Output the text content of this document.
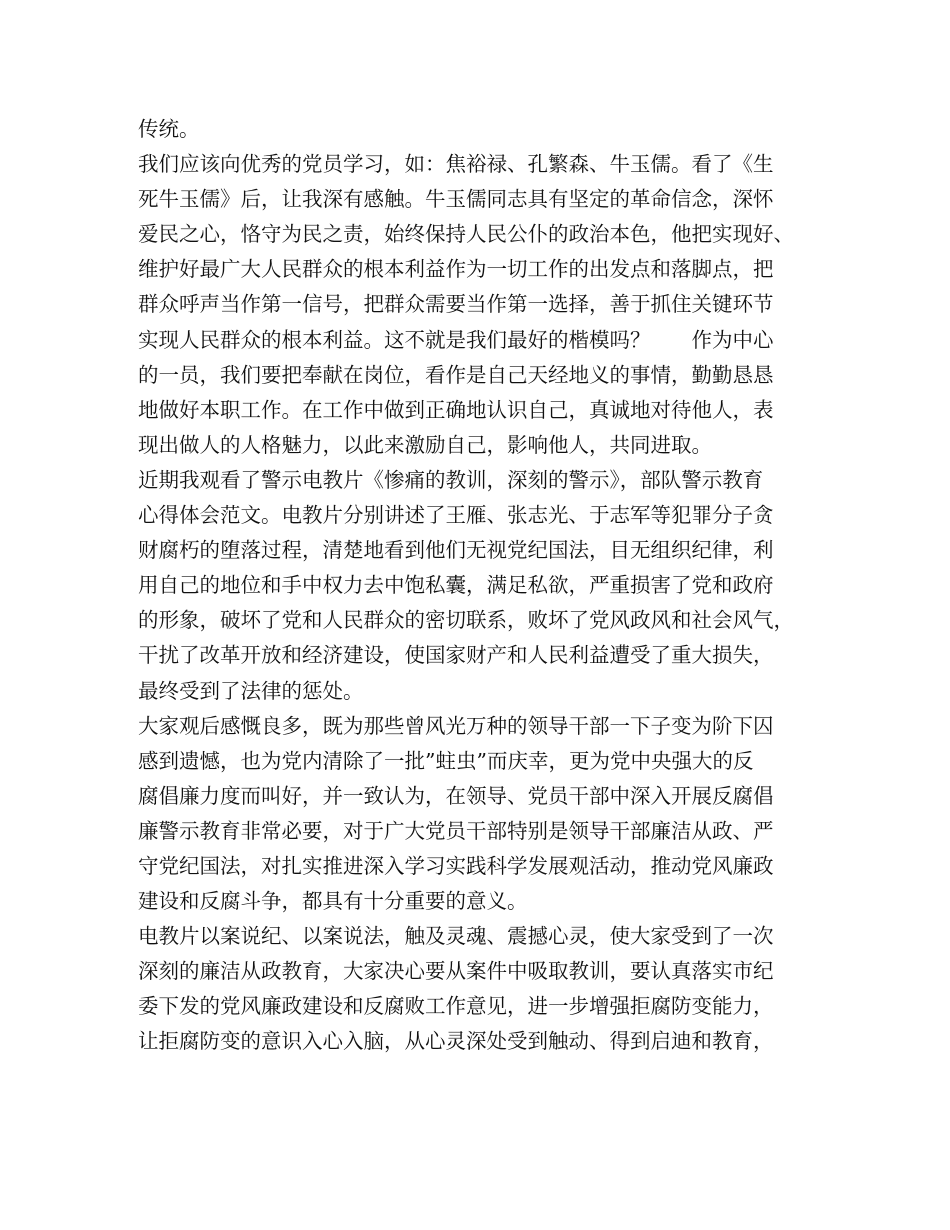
传统。
我们应该向优秀的党员学习，如：焦裕禄、孔繁森、牛玉儒。看了《生
死牛玉儒》后，让我深有感触。牛玉儒同志具有坚定的革命信念，深怀
爱民之心，恪守为民之责，始终保持人民公仆的政治本色，他把实现好、
维护好最广大人民群众的根本利益作为一切工作的出发点和落脚点，把
群众呼声当作第一信号，把群众需要当作第一选择，善于抓住关键环节
实现人民群众的根本利益。这不就是我们最好的楷模吗？　　作为中心
的一员，我们要把奉献在岗位，看作是自己天经地义的事情，勤勤恳恳
地做好本职工作。在工作中做到正确地认识自己，真诚地对待他人，表
现出做人的人格魅力，以此来激励自己，影响他人，共同进取。
近期我观看了警示电教片《惨痛的教训，深刻的警示》，部队警示教育
心得体会范文。电教片分别讲述了王雁、张志光、于志军等犯罪分子贪
财腐朽的堕落过程，清楚地看到他们无视党纪国法，目无组织纪律，利
用自己的地位和手中权力去中饱私囊，满足私欲，严重损害了党和政府
的形象，破坏了党和人民群众的密切联系，败坏了党风政风和社会风气，
干扰了改革开放和经济建设，使国家财产和人民利益遭受了重大损失，
最终受到了法律的惩处。
大家观后感慨良多，既为那些曾风光万种的领导干部一下子变为阶下囚
感到遗憾，也为党内清除了一批”蛀虫”而庆幸，更为党中央强大的反
腐倡廉力度而叫好，并一致认为，在领导、党员干部中深入开展反腐倡
廉警示教育非常必要，对于广大党员干部特别是领导干部廉洁从政、严
守党纪国法，对扎实推进深入学习实践科学发展观活动，推动党风廉政
建设和反腐斗争，都具有十分重要的意义。
电教片以案说纪、以案说法，触及灵魂、震撼心灵，使大家受到了一次
深刻的廉洁从政教育，大家决心要从案件中吸取教训，要认真落实市纪
委下发的党风廉政建设和反腐败工作意见，进一步增强拒腐防变能力，
让拒腐防变的意识入心入脑，从心灵深处受到触动、得到启迪和教育，
